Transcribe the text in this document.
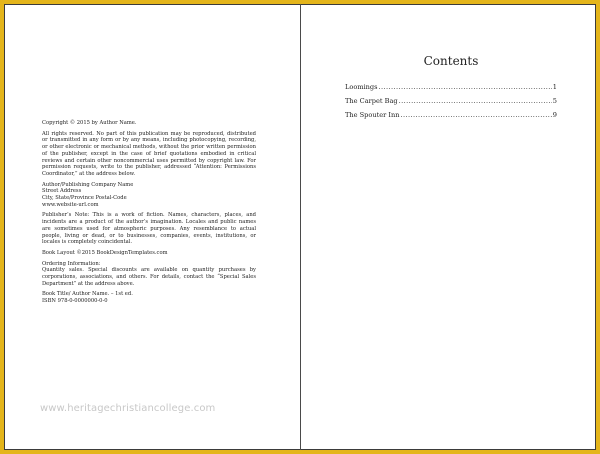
Copyright © 2015 by Author Name.

All rights reserved. No part of this publication may be reproduced, distributed or transmitted in any form or by any means, including photocopying, recording, or other electronic or mechanical methods, without the prior written permission of the publisher, except in the case of brief quotations embodied in critical reviews and certain other noncommercial uses permitted by copyright law. For permission requests, write to the publisher, addressed “Attention: Permissions Coordinator,” at the address below.

Author/Publishing Company Name
Street Address
City, State/Province Postal-Code
www.website-url.com

Publisher’s Note: This is a work of fiction. Names, characters, places, and incidents are a product of the author’s imagination. Locales and public names are sometimes used for atmospheric purposes. Any resemblance to actual people, living or dead, or to businesses, companies, events, institutions, or locales is completely coincidental.

Book Layout ©2015 BookDesignTemplates.com

Ordering Information:

Quantity sales. Special discounts are available on quantity purchases by corporations, associations, and others. For details, contact the “Special Sales Department” at the address above.

Book Title/ Author Name. – 1st ed.
ISBN 978-0-0000000-0-0
www.heritagechristiancollege.com
Contents
Loomings .....	1
The Carpet Bag .....	5
The Spouter Inn .....	9
